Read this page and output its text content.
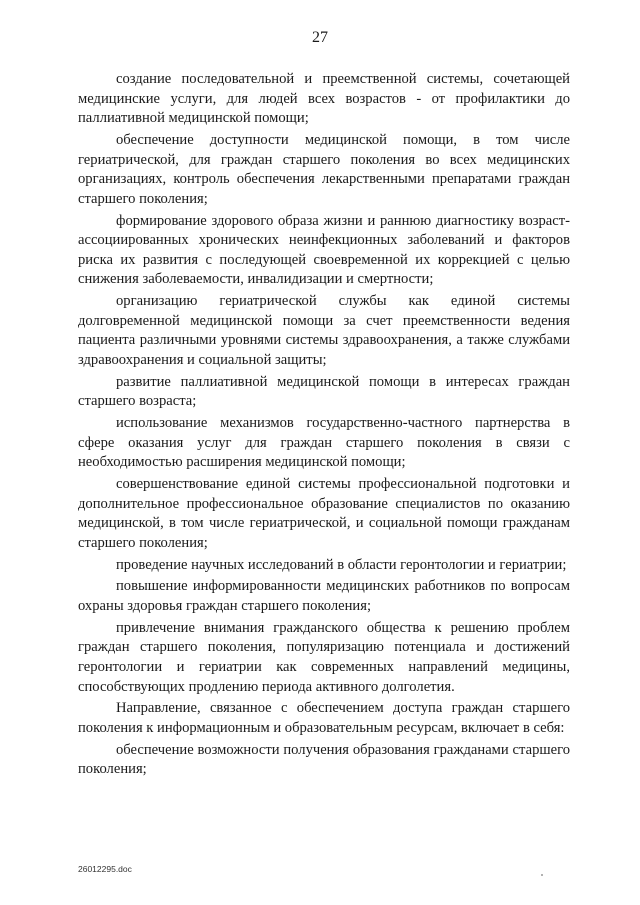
27

создание последовательной и преемственной системы, сочетающей медицинские услуги, для людей всех возрастов - от профилактики до паллиативной медицинской помощи;

обеспечение доступности медицинской помощи, в том числе гериатрической, для граждан старшего поколения во всех медицинских организациях, контроль обеспечения лекарственными препаратами граждан старшего поколения;

формирование здорового образа жизни и раннюю диагностику возраст-ассоциированных хронических неинфекционных заболеваний и факторов риска их развития с последующей своевременной их коррекцией с целью снижения заболеваемости, инвалидизации и смертности;

организацию гериатрической службы как единой системы долговременной медицинской помощи за счет преемственности ведения пациента различными уровнями системы здравоохранения, а также службами здравоохранения и социальной защиты;

развитие паллиативной медицинской помощи в интересах граждан старшего возраста;

использование механизмов государственно-частного партнерства в сфере оказания услуг для граждан старшего поколения в связи с необходимостью расширения медицинской помощи;

совершенствование единой системы профессиональной подготовки и дополнительное профессиональное образование специалистов по оказанию медицинской, в том числе гериатрической, и социальной помощи гражданам старшего поколения;

проведение научных исследований в области геронтологии и гериатрии;

повышение информированности медицинских работников по вопросам охраны здоровья граждан старшего поколения;

привлечение внимания гражданского общества к решению проблем граждан старшего поколения, популяризацию потенциала и достижений геронтологии и гериатрии как современных направлений медицины, способствующих продлению периода активного долголетия.

Направление, связанное с обеспечением доступа граждан старшего поколения к информационным и образовательным ресурсам, включает в себя:

обеспечение возможности получения образования гражданами старшего поколения;

26012295.doc
